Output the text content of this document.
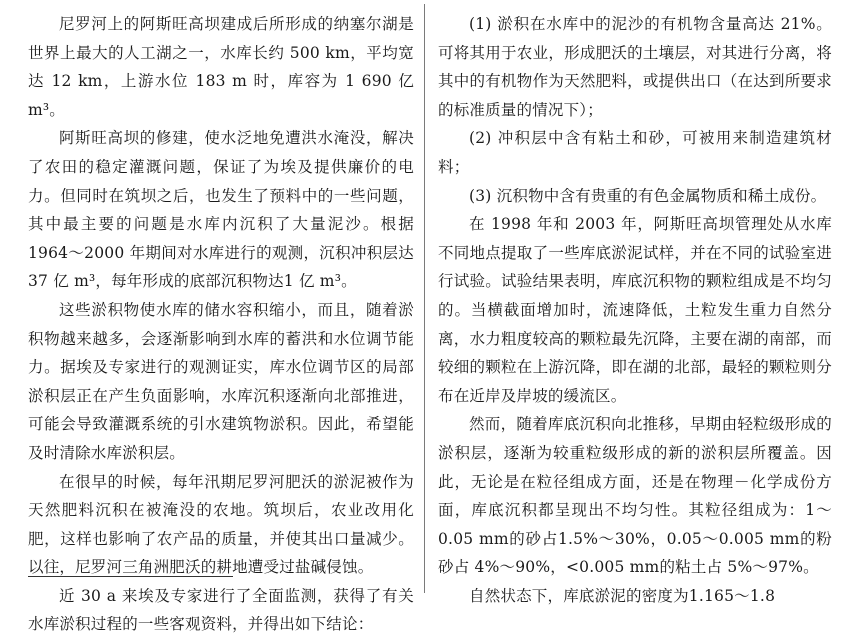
尼罗河上的阿斯旺高坝建成后所形成的纳塞尔湖是世界上最大的人工湖之一，水库长约 500 km，平均宽达 12 km，上游水位 183 m 时，库容为 1 690 亿 m³。

阿斯旺高坝的修建，使水泛地免遭洪水淹没，解决了农田的稳定灌溉问题，保证了为埃及提供廉价的电力。但同时在筑坝之后，也发生了预料中的一些问题，其中最主要的问题是水库内沉积了大量泥沙。根据 1964～2000 年期间对水库进行的观测，沉积冲积层达 37 亿 m³，每年形成的底部沉积物达1 亿 m³。

这些淤积物使水库的储水容积缩小，而且，随着淤积物越来越多，会逐渐影响到水库的蓄洪和水位调节能力。据埃及专家进行的观测证实，库水位调节区的局部淤积层正在产生负面影响，水库沉积逐渐向北部推进，可能会导致灌溉系统的引水建筑物淤积。因此，希望能及时清除水库淤积层。

在很早的时候，每年汛期尼罗河肥沃的淤泥被作为天然肥料沉积在被淹没的农地。筑坝后，农业改用化肥，这样也影响了农产品的质量，并使其出口量减少。以往，尼罗河三角洲肥沃的耕地遭受过盐碱侵蚀。

近 30 a 来埃及专家进行了全面监测，获得了有关水库淤积过程的一些客观资料，并得出如下结论：

(1) 淤积在水库中的泥沙的有机物含量高达 21%。可将其用于农业，形成肥沃的土壤层，对其进行分离，将其中的有机物作为天然肥料，或提供出口（在达到所要求的标准质量的情况下）；

(2) 冲积层中含有粘土和砂，可被用来制造建筑材料；

(3) 沉积物中含有贵重的有色金属物质和稀土成份。

在 1998 年和 2003 年，阿斯旺高坝管理处从水库不同地点提取了一些库底淤泥试样，并在不同的试验室进行试验。试验结果表明，库底沉积物的颗粒组成是不均匀的。当横截面增加时，流速降低，土粒发生重力自然分离，水力粗度较高的颗粒最先沉降，主要在湖的南部，而较细的颗粒在上游沉降，即在湖的北部，最轻的颗粒则分布在近岸及岸坡的缓流区。

然而，随着库底沉积向北推移，早期由轻粒级形成的淤积层，逐渐为较重粒级形成的新的淤积层所覆盖。因此，无论是在粒径组成方面，还是在物理－化学成份方面，库底沉积都呈现出不均匀性。其粒径组成为：1～0.05 mm的砂占1.5%～30%，0.05～0.005 mm的粉砂占 4%～90%，<0.005 mm的粘土占 5%～97%。

自然状态下，库底淤泥的密度为1.165～1.8
